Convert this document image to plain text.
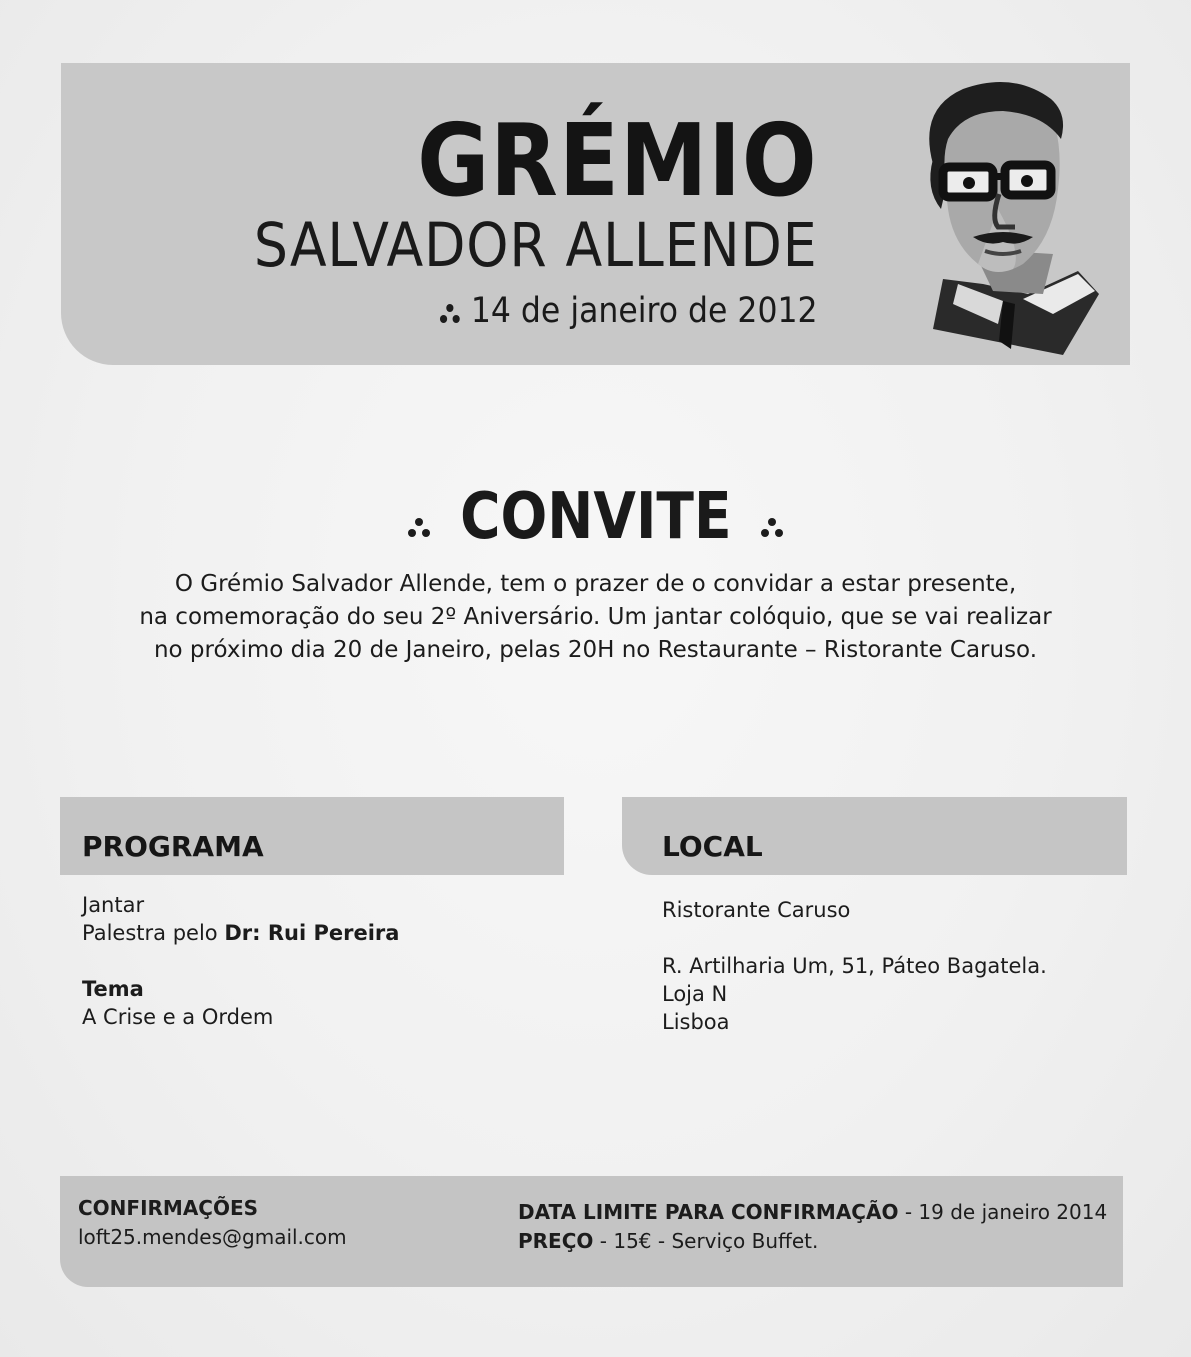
GRÉMIO
SALVADOR ALLENDE
14 de janeiro de 2012
CONVITE
O Grémio Salvador Allende, tem o prazer de o convidar a estar presente,
na comemoração do seu 2º Aniversário. Um jantar colóquio, que se vai realizar
no próximo dia 20 de Janeiro, pelas 20H no Restaurante – Ristorante Caruso.
PROGRAMA
Jantar
Palestra pelo Dr: Rui Pereira
Tema
A Crise e a Ordem
LOCAL
Ristorante Caruso
R. Artilharia Um, 51, Páteo Bagatela.
Loja N
Lisboa
CONFIRMAÇÕES
loft25.mendes@gmail.com
DATA LIMITE PARA CONFIRMAÇÃO - 19 de janeiro 2014
PREÇO - 15€ - Serviço Buffet.
